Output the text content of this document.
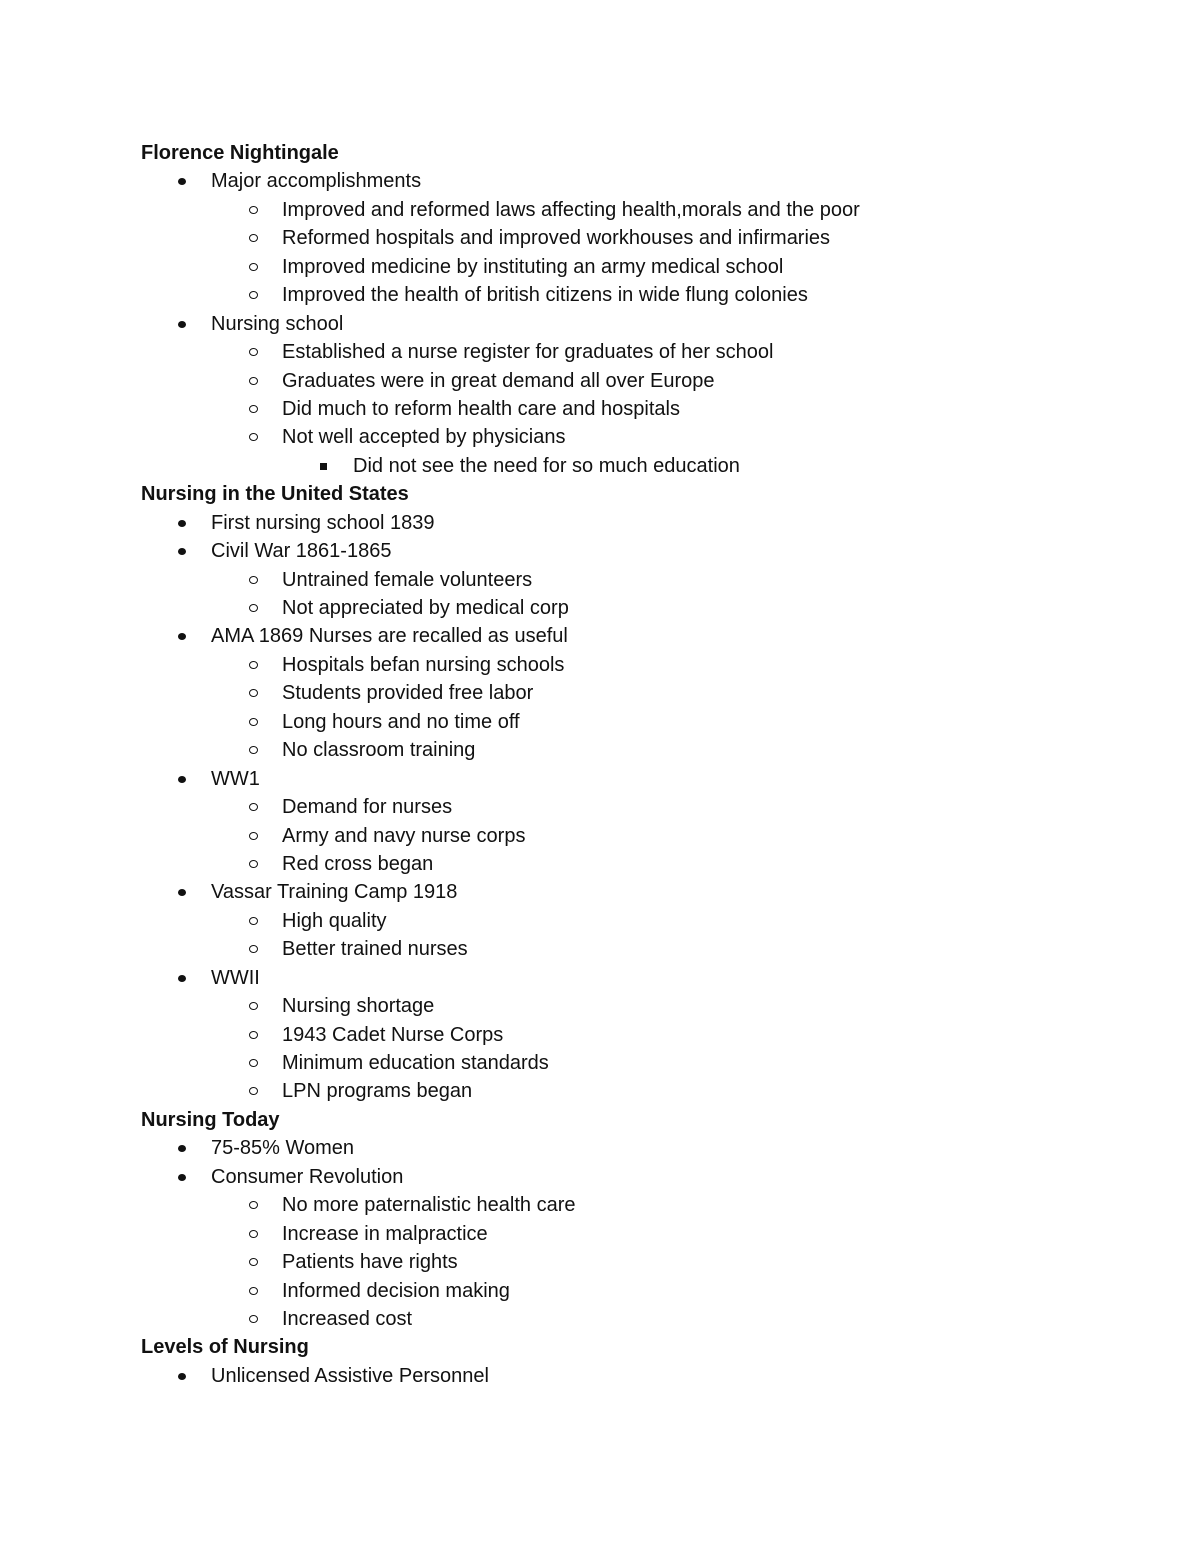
Florence Nightingale
Major accomplishments
Improved and reformed laws affecting health,morals and the poor
Reformed hospitals and improved workhouses and infirmaries
Improved medicine by instituting an army medical school
Improved the health of british citizens in wide flung colonies
Nursing school
Established a nurse register for graduates of her school
Graduates were in great demand all over Europe
Did much to reform health care and hospitals
Not well accepted by physicians
Did not see the need for so much education
Nursing in the United States
First nursing school 1839
Civil War 1861-1865
Untrained female volunteers
Not appreciated by medical corp
AMA 1869 Nurses are recalled as useful
Hospitals befan nursing schools
Students provided free labor
Long hours and no time off
No classroom training
WW1
Demand for nurses
Army and navy nurse corps
Red cross began
Vassar Training Camp 1918
High quality
Better trained nurses
WWII
Nursing shortage
1943 Cadet Nurse Corps
Minimum education standards
LPN programs began
Nursing Today
75-85% Women
Consumer Revolution
No more paternalistic health care
Increase in malpractice
Patients have rights
Informed decision making
Increased cost
Levels of Nursing
Unlicensed Assistive Personnel
